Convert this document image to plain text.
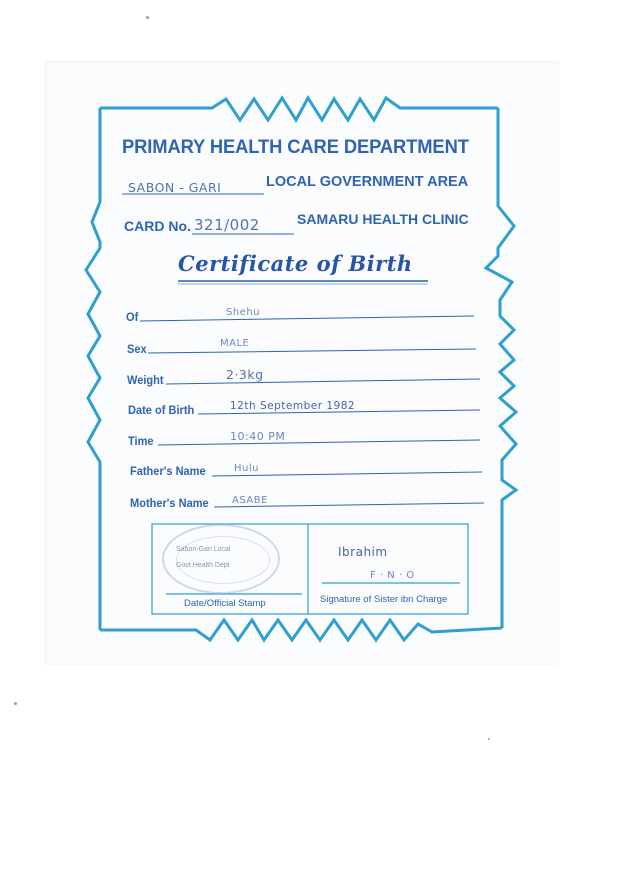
PRIMARY HEALTH CARE DEPARTMENT
SABON - GARI	LOCAL GOVERNMENT AREA
CARD No. 321/002	SAMARU HEALTH CLINIC
Certificate of Birth
Of	Shehu
Sex	MALE
Weight	2·3kg
Date of Birth	12th September 1982
Time	10:40 PM
Father's Name	Hulu
Mother's Name ASABE
Sabon-Gari Local
Govt Health Dept
Ibrahim
F · N · O
Date/Official Stamp	Signature of Sister ibn Charge
